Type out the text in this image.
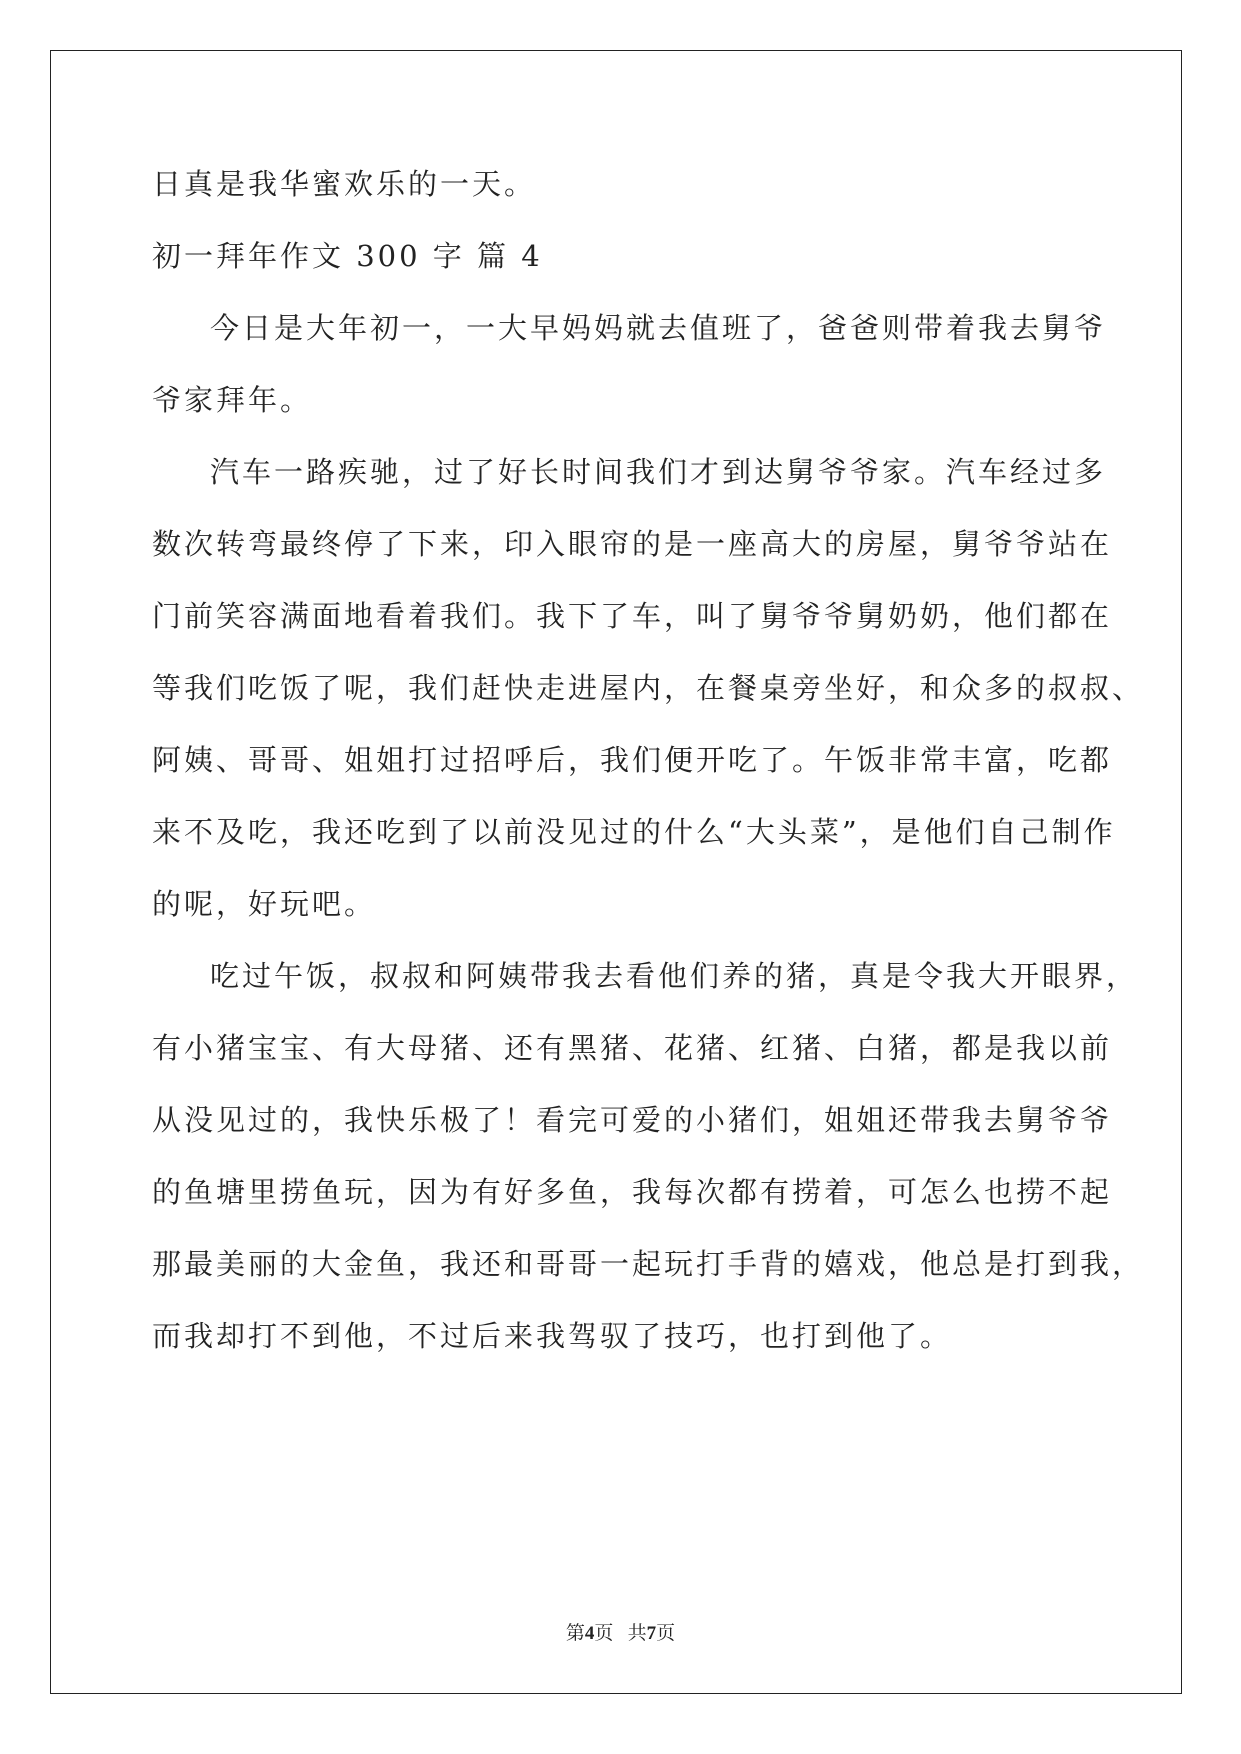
日真是我华蜜欢乐的一天。
初一拜年作文 300 字 篇 4
今日是大年初一，一大早妈妈就去值班了，爸爸则带着我去舅爷
爷家拜年。
汽车一路疾驰，过了好长时间我们才到达舅爷爷家。汽车经过多
数次转弯最终停了下来，印入眼帘的是一座高大的房屋，舅爷爷站在
门前笑容满面地看着我们。我下了车，叫了舅爷爷舅奶奶，他们都在
等我们吃饭了呢，我们赶快走进屋内，在餐桌旁坐好，和众多的叔叔、
阿姨、哥哥、姐姐打过招呼后，我们便开吃了。午饭非常丰富，吃都
来不及吃，我还吃到了以前没见过的什么“大头菜”，是他们自己制作
的呢，好玩吧。
吃过午饭，叔叔和阿姨带我去看他们养的猪，真是令我大开眼界，
有小猪宝宝、有大母猪、还有黑猪、花猪、红猪、白猪，都是我以前
从没见过的，我快乐极了！看完可爱的小猪们，姐姐还带我去舅爷爷
的鱼塘里捞鱼玩，因为有好多鱼，我每次都有捞着，可怎么也捞不起
那最美丽的大金鱼，我还和哥哥一起玩打手背的嬉戏，他总是打到我，
而我却打不到他，不过后来我驾驭了技巧，也打到他了。
第4页   共7页
